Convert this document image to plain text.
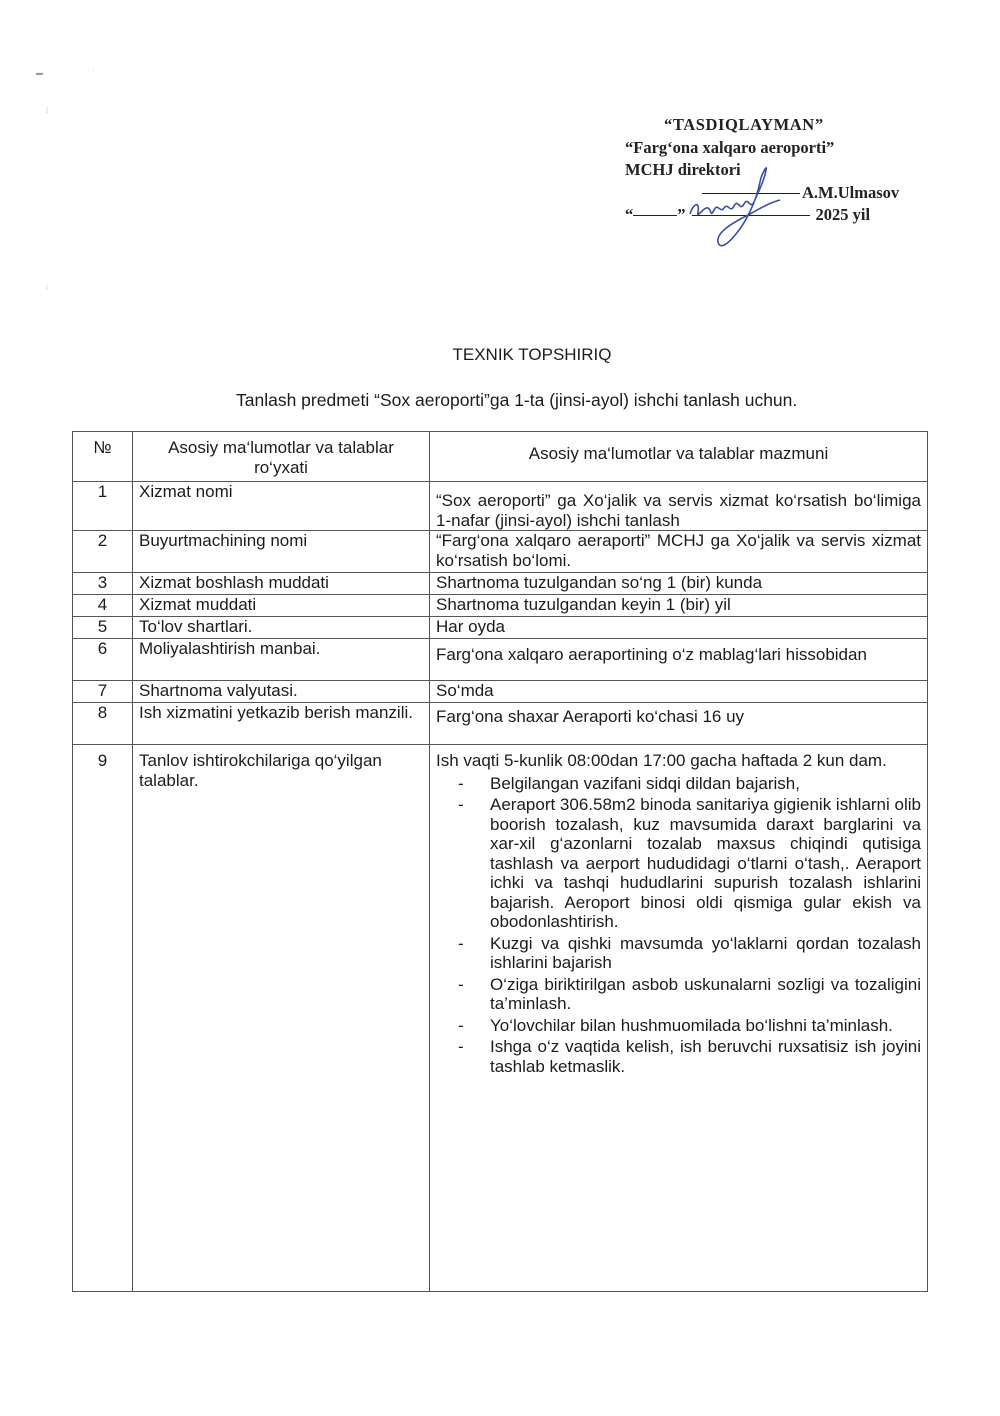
▬	ˈ
⁞
⁞
“TASDIQLAYMAN”
“Farg‘ona xalqaro aeroporti”
MCHJ direktori
A.M.Ulmasov
“	”	2025 yil
TEXNIK TOPSHIRIQ
Tanlash predmeti “Sox aeroporti”ga 1-ta (jinsi-ayol) ishchi tanlash uchun.
№	Asosiy ma‘lumotlar va talablar ro‘yxati	Asosiy ma‘lumotlar va talablar mazmuni
1	Xizmat nomi	“Sox aeroporti” ga Xo‘jalik va servis xizmat ko‘rsatish bo‘limiga 1-nafar (jinsi-ayol) ishchi tanlash
2	Buyurtmachining nomi	“Farg‘ona xalqaro aeraporti” MCHJ ga Xo‘jalik va servis xizmat ko‘rsatish bo‘lomi.
3	Xizmat boshlash muddati	Shartnoma tuzulgandan so‘ng 1 (bir) kunda
4	Xizmat muddati	Shartnoma tuzulgandan keyin 1 (bir) yil
5	To‘lov shartlari.	Har oyda
6	Moliyalashtirish manbai.	Farg‘ona xalqaro aeraportining o‘z mablag‘lari hissobidan
7	Shartnoma valyutasi.	So‘mda
8	Ish xizmatini yetkazib berish manzili.	Farg‘ona shaxar Aeraporti ko‘chasi 16 uy
9	Tanlov ishtirokchilariga qo‘yilgan talablar.	
Ish vaqti 5-kunlik 08:00dan 17:00 gacha haftada 2 kun dam.
- Belgilangan vazifani sidqi dildan bajarish,
- Aeraport 306.58m2 binoda sanitariya gigienik ishlarni olib boorish tozalash, kuz mavsumida daraxt barglarini va xar-xil g‘azonlarni tozalab maxsus chiqindi qutisiga tashlash va aerport hududidagi o‘tlarni o‘tash,. Aeraport ichki va tashqi hududlarini supurish tozalash ishlarini bajarish. Aeroport binosi oldi qismiga gular ekish va obodonlashtirish.
- Kuzgi va qishki mavsumda yo‘laklarni qordan tozalash ishlarini bajarish
- O‘ziga biriktirilgan asbob uskunalarni sozligi va tozaligini ta’minlash.
- Yo‘lovchilar bilan hushmuomilada bo‘lishni ta’minlash.
- Ishga o‘z vaqtida kelish, ish beruvchi ruxsatisiz ish joyini tashlab ketmaslik.
